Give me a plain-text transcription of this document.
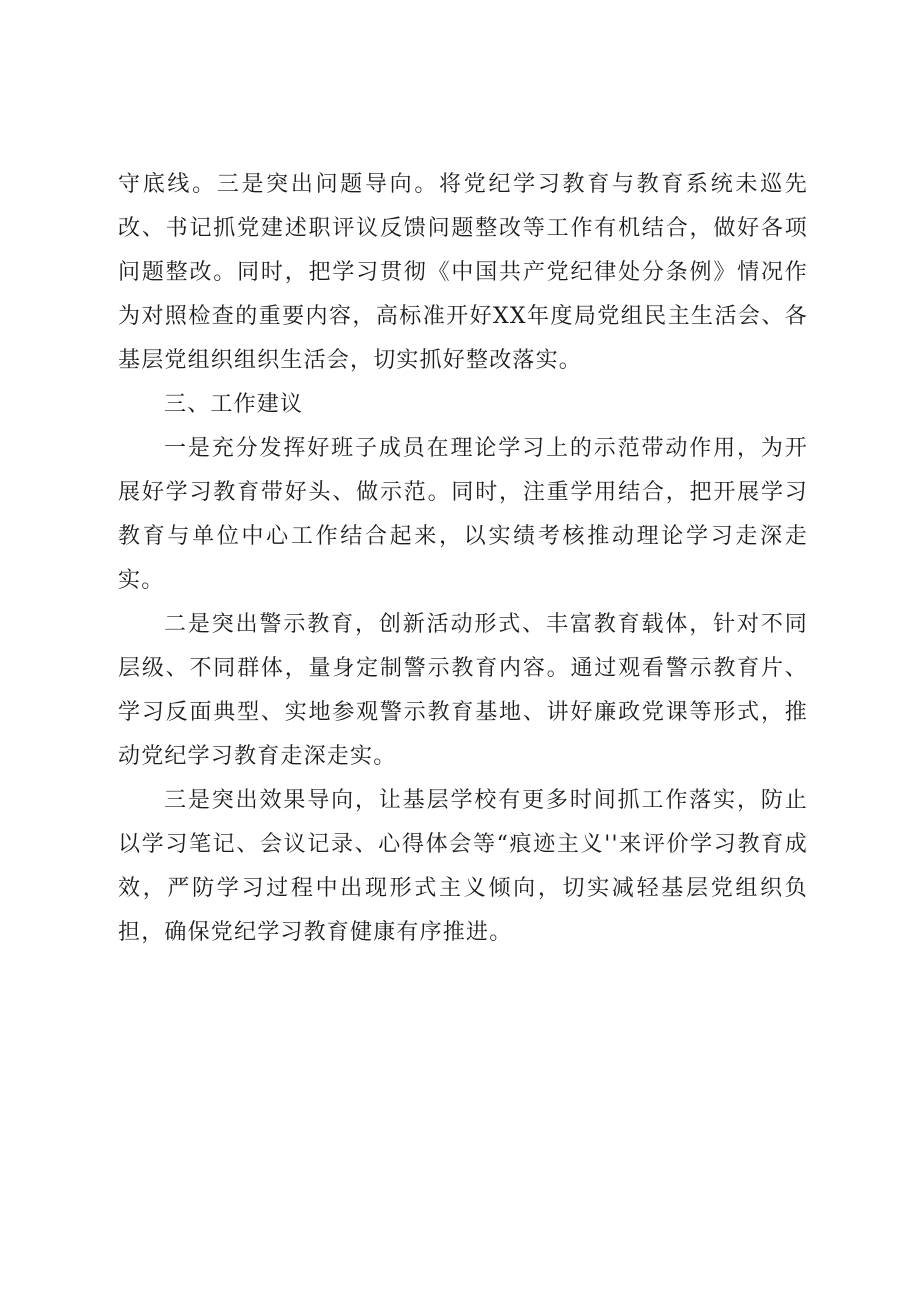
守底线。三是突出问题导向。将党纪学习教育与教育系统未巡先改、书记抓党建述职评议反馈问题整改等工作有机结合，做好各项问题整改。同时，把学习贯彻《中国共产党纪律处分条例》情况作为对照检查的重要内容，高标准开好XX年度局党组民主生活会、各基层党组织组织生活会，切实抓好整改落实。

三、工作建议

一是充分发挥好班子成员在理论学习上的示范带动作用，为开展好学习教育带好头、做示范。同时，注重学用结合，把开展学习教育与单位中心工作结合起来，以实绩考核推动理论学习走深走实。

二是突出警示教育，创新活动形式、丰富教育载体，针对不同层级、不同群体，量身定制警示教育内容。通过观看警示教育片、学习反面典型、实地参观警示教育基地、讲好廉政党课等形式，推动党纪学习教育走深走实。

三是突出效果导向，让基层学校有更多时间抓工作落实，防止以学习笔记、会议记录、心得体会等“痕迹主义''来评价学习教育成效，严防学习过程中出现形式主义倾向，切实减轻基层党组织负担，确保党纪学习教育健康有序推进。
